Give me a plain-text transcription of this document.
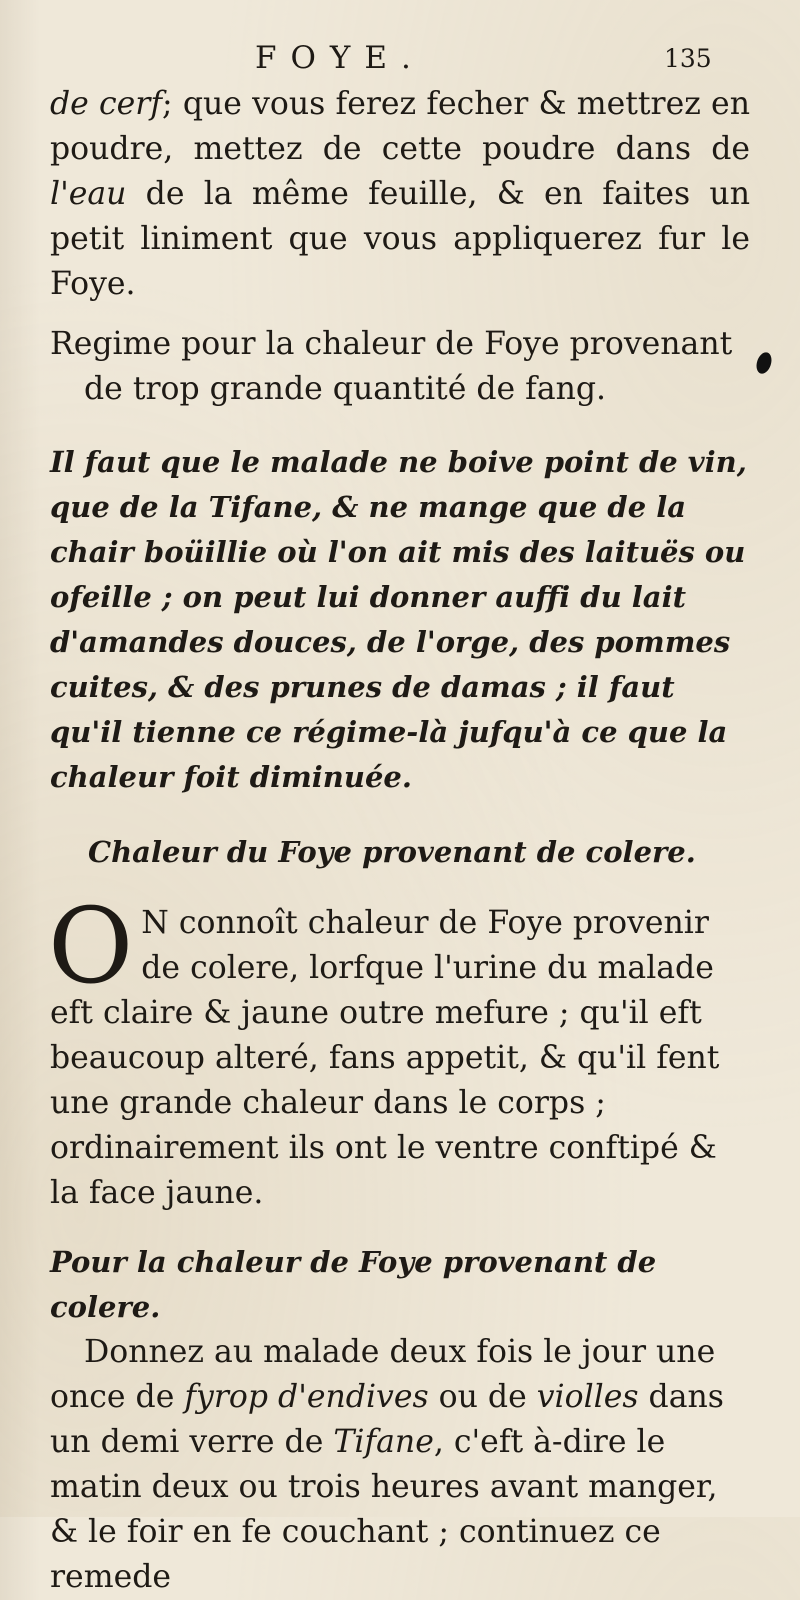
FOYE.	135

de cerf; que vous ferez fecher & mettrez en poudre, mettez de cette poudre dans de l'eau de la même feuille, & en faites un petit liniment que vous appliquerez fur le Foye.

Regime pour la chaleur de Foye provenant de trop grande quantité de fang.

Il faut que le malade ne boive point de vin, que de la Tifane, & ne mange que de la chair boüillie où l'on ait mis des laituës ou ofeille ; on peut lui donner auffi du lait d'amandes douces, de l'orge, des pommes cuites, & des prunes de damas ; il faut qu'il tienne ce régime-là jufqu'à ce que la chaleur foit diminuée.

Chaleur du Foye provenant de colere.

O N connoît chaleur de Foye provenir de colere, lorfque l'urine du malade eft claire & jaune outre mefure ; qu'il eft beaucoup alteré, fans appetit, & qu'il fent une grande chaleur dans le corps ; ordinairement ils ont le ventre conftipé & la face jaune.

Pour la chaleur de Foye provenant de colere.

Donnez au malade deux fois le jour une once de fyrop d'endives ou de violles dans un demi verre de Tifane, c'eft à-dire le matin deux ou trois heures avant manger, & le foir en fe couchant ; continuez ce remede
